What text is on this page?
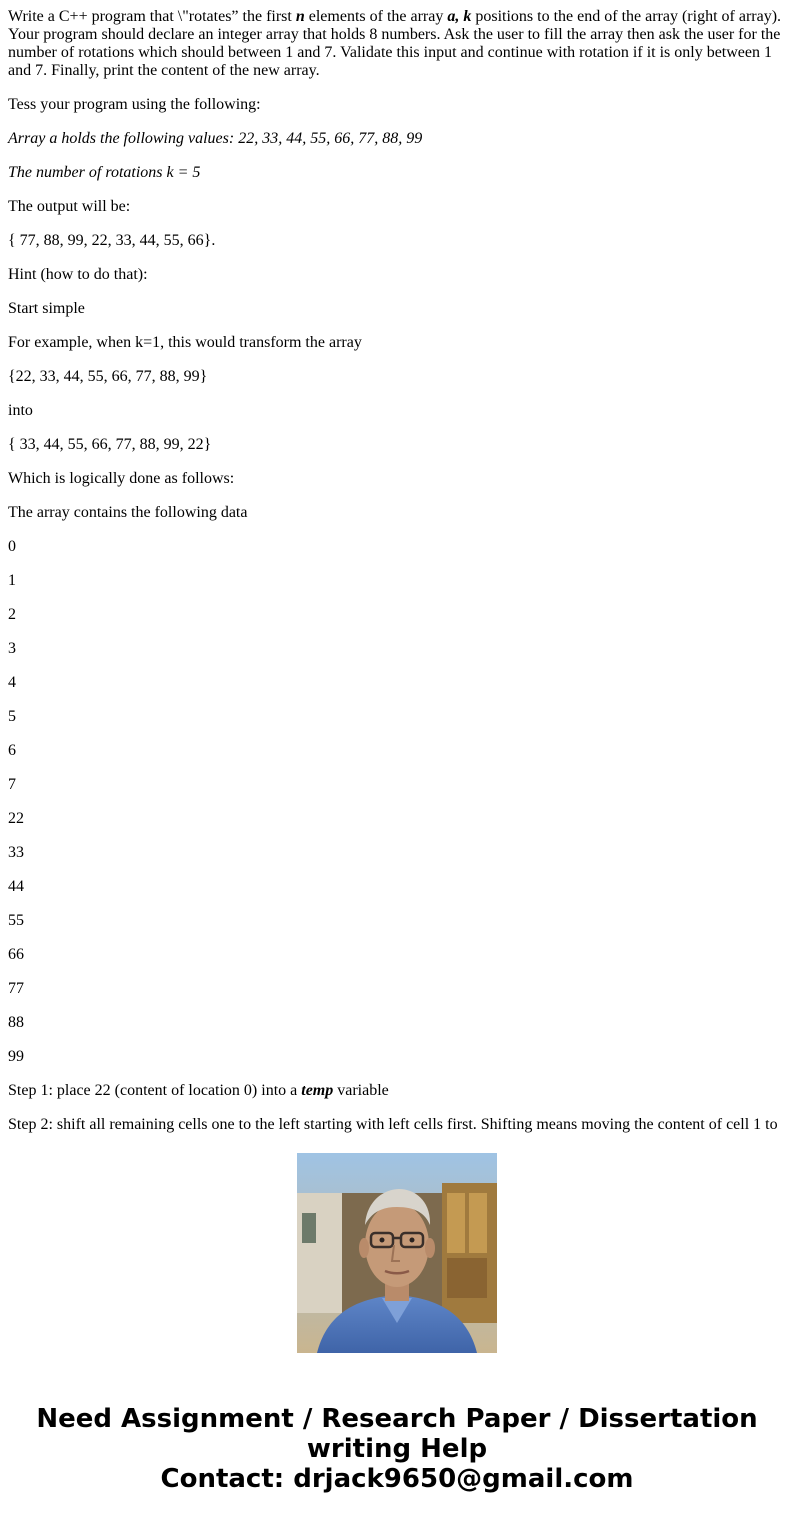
Write a C++ program that \"rotates” the first n elements of the array a, k positions to the end of the array (right of array). Your program should declare an integer array that holds 8 numbers. Ask the user to fill the array then ask the user for the number of rotations which should between 1 and 7. Validate this input and continue with rotation if it is only between 1 and 7. Finally, print the content of the new array.

Tess your program using the following:

Array a holds the following values: 22, 33, 44, 55, 66, 77, 88, 99

The number of rotations k = 5

The output will be:

{ 77, 88, 99, 22, 33, 44, 55, 66}.

Hint (how to do that):

Start simple

For example, when k=1, this would transform the array

{22, 33, 44, 55, 66, 77, 88, 99}

into

{ 33, 44, 55, 66, 77, 88, 99, 22}

Which is logically done as follows:

The array contains the following data

0

1

2

3

4

5

6

7

22

33

44

55

66

77

88

99

Step 1: place 22 (content of location 0) into a temp variable

Step 2: shift all remaining cells one to the left starting with left cells first. Shifting means moving the content of cell 1 to

Need Assignment / Research Paper / Dissertation
writing Help
Contact: drjack9650@gmail.com
